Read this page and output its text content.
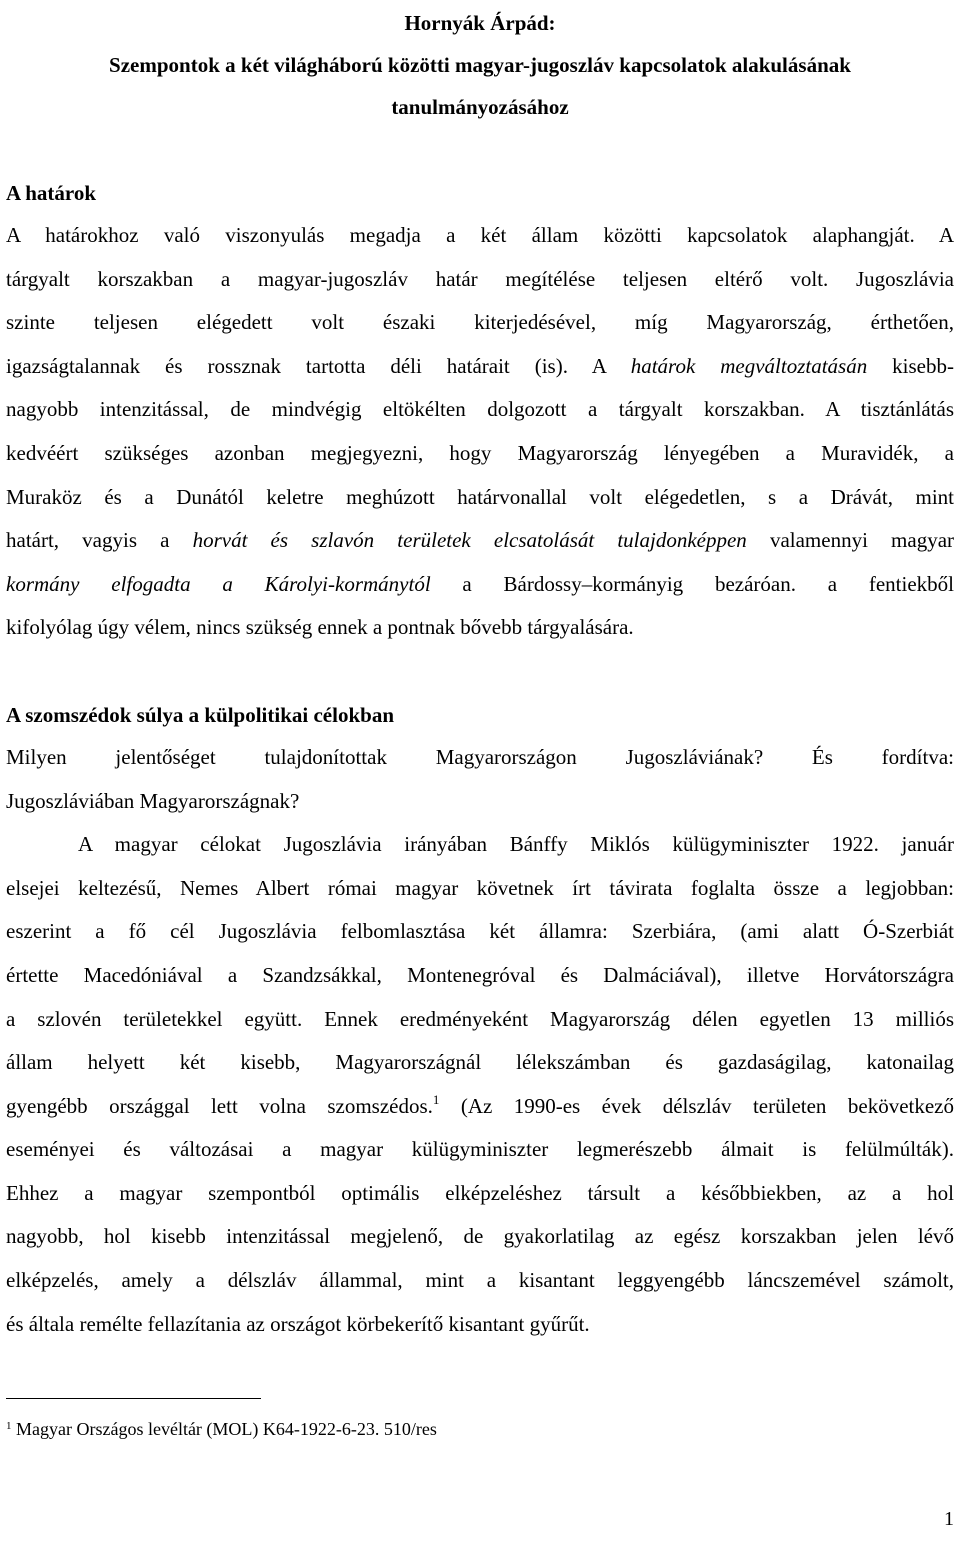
Hornyák Árpád:
Szempontok a két világháború közötti magyar-jugoszláv kapcsolatok alakulásának
tanulmányozásához
A határok
A határokhoz való viszonyulás megadja a két állam közötti kapcsolatok alaphangját. A
tárgyalt korszakban a magyar-jugoszláv határ megítélése teljesen eltérő volt. Jugoszlávia
szinte teljesen elégedett volt északi kiterjedésével, míg Magyarország, érthetően,
igazságtalannak és rossznak tartotta déli határait (is). A határok megváltoztatásán kisebb-
nagyobb intenzitással, de mindvégig eltökélten dolgozott a tárgyalt korszakban. A tisztánlátás
kedvéért szükséges azonban megjegyezni, hogy Magyarország lényegében a Muravidék, a
Muraköz és a Dunától keletre meghúzott határvonallal volt elégedetlen, s a Drávát, mint
határt, vagyis a horvát és szlavón területek elcsatolását tulajdonképpen valamennyi magyar
kormány elfogadta a Károlyi-kormánytól a Bárdossy–kormányig bezáróan. a fentiekből
kifolyólag úgy vélem, nincs szükség ennek a pontnak bővebb tárgyalására.
A szomszédok súlya a külpolitikai célokban
Milyen jelentőséget tulajdonítottak Magyarországon Jugoszláviának? És fordítva:
Jugoszláviában Magyarországnak?
A magyar célokat Jugoszlávia irányában Bánffy Miklós külügyminiszter 1922. január
elsejei keltezésű, Nemes Albert római magyar követnek írt távirata foglalta össze a legjobban:
eszerint a fő cél Jugoszlávia felbomlasztása két államra: Szerbiára, (ami alatt Ó-Szerbiát
értette Macedóniával a Szandzsákkal, Montenegróval és Dalmáciával), illetve Horvátországra
a szlovén területekkel együtt. Ennek eredményeként Magyarország délen egyetlen 13 milliós
állam helyett két kisebb, Magyarországnál lélekszámban és gazdaságilag, katonailag
gyengébb országgal lett volna szomszédos.$^1$ (Az 1990-es évek délszláv területen bekövetkező
eseményei és változásai a magyar külügyminiszter legmerészebb álmait is felülmúlták).
Ehhez a magyar szempontból optimális elképzeléshez társult a későbbiekben, az a hol
nagyobb, hol kisebb intenzitással megjelenő, de gyakorlatilag az egész korszakban jelen lévő
elképzelés, amely a délszláv állammal, mint a kisantant leggyengébb láncszemével számolt,
és általa remélte fellazítania az országot körbekerítő kisantant gyűrűt.
$^1$ Magyar Országos levéltár (MOL) K64-1922-6-23. 510/res
1
